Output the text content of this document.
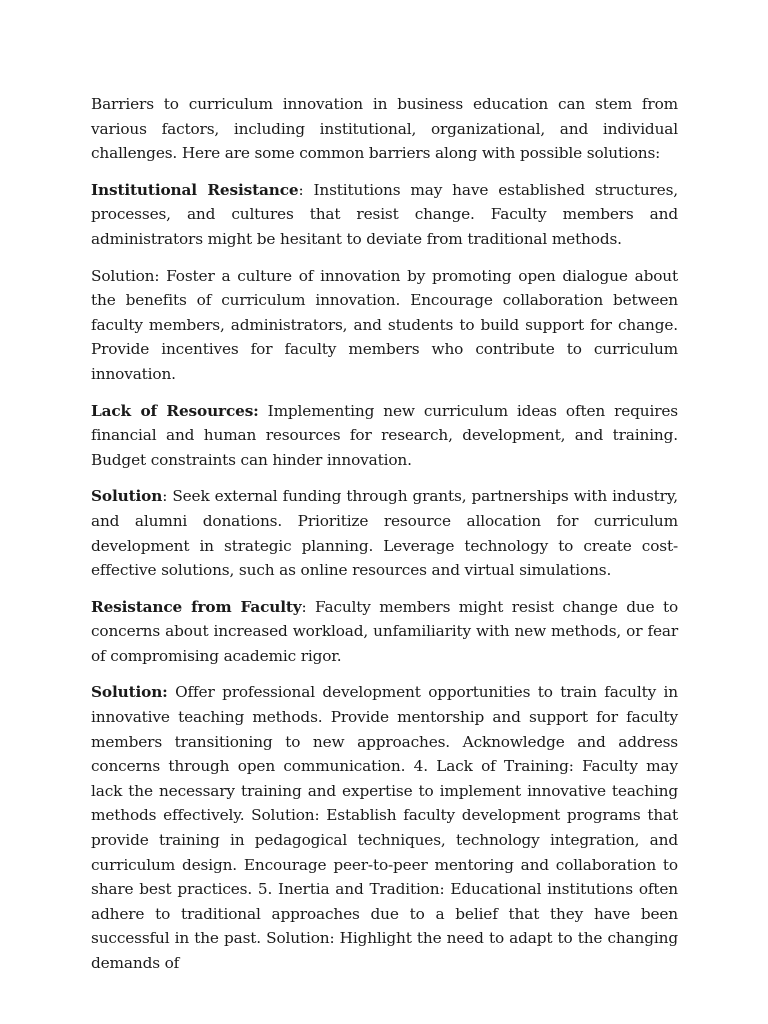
Barriers to curriculum innovation in business education can stem from various factors, including institutional, organizational, and individual challenges. Here are some common barriers along with possible solutions:

Institutional Resistance: Institutions may have established structures, processes, and cultures that resist change. Faculty members and administrators might be hesitant to deviate from traditional methods.

Solution: Foster a culture of innovation by promoting open dialogue about the benefits of curriculum innovation. Encourage collaboration between faculty members, administrators, and students to build support for change. Provide incentives for faculty members who contribute to curriculum innovation.

Lack of Resources: Implementing new curriculum ideas often requires financial and human resources for research, development, and training. Budget constraints can hinder innovation.

Solution: Seek external funding through grants, partnerships with industry, and alumni donations. Prioritize resource allocation for curriculum development in strategic planning. Leverage technology to create cost-effective solutions, such as online resources and virtual simulations.

Resistance from Faculty: Faculty members might resist change due to concerns about increased workload, unfamiliarity with new methods, or fear of compromising academic rigor.

Solution: Offer professional development opportunities to train faculty in innovative teaching methods. Provide mentorship and support for faculty members transitioning to new approaches. Acknowledge and address concerns through open communication. 4. Lack of Training: Faculty may lack the necessary training and expertise to implement innovative teaching methods effectively. Solution: Establish faculty development programs that provide training in pedagogical techniques, technology integration, and curriculum design. Encourage peer-to-peer mentoring and collaboration to share best practices. 5. Inertia and Tradition: Educational institutions often adhere to traditional approaches due to a belief that they have been successful in the past. Solution: Highlight the need to adapt to the changing demands of
